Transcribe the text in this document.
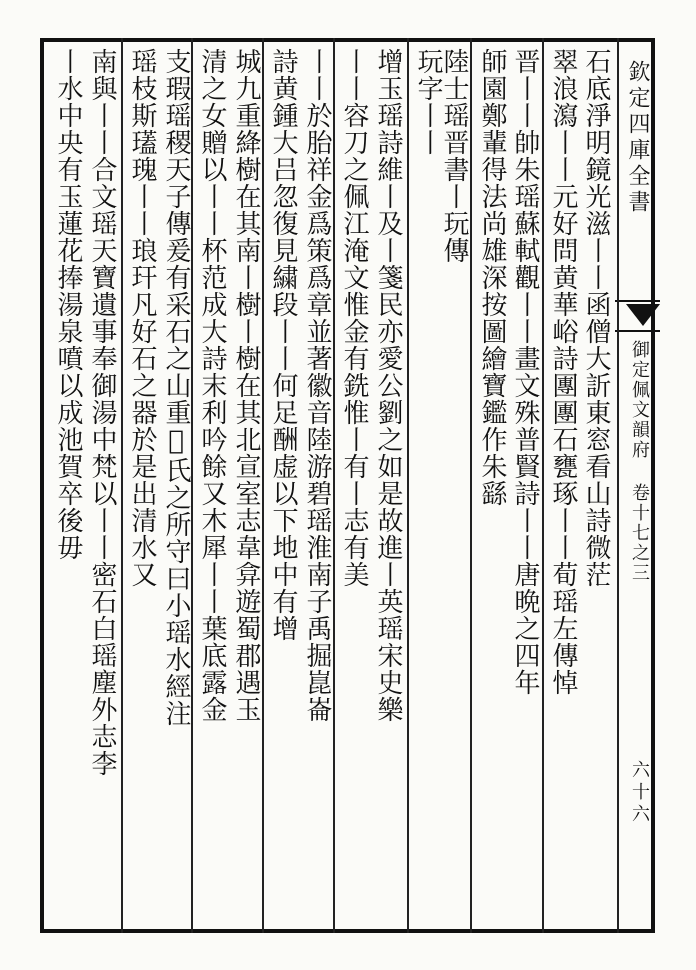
欽定四庫全書
御定佩文韻府 卷十七之三
六十六
石底淨明鏡光滋丨丨函僧大訢東窓看山詩微茫
翠浪瀉丨丨元好問黄華峪詩團團石甕琢丨丨荀瑶左傳悼
晋丨丨帥朱瑶蘇軾觀丨丨畫文殊普賢詩丨丨唐晩之四年
師園鄭輩得法尚雄深按圖繪寶鑑作朱繇
陸士瑶晋書丨玩傳
玩字丨丨
增玉瑶詩維丨及丨箋民亦愛公劉之如是故進丨英瑶宋史樂
丨丨容刀之佩江淹文惟金有銑惟丨有丨志有美
丨丨於胎祥金爲策爲章並著徽音陸游碧瑶淮南子禹掘崑崙
詩黄鍾大吕忽復見繍段丨丨何足酬虚以下地中有增
城九重絳樹在其南丨樹丨樹在其北宣室志韋弇遊蜀郡遇玉
清之女贈以丨丨杯范成大詩末利吟餘又木犀丨丨葉底露金
支瑕瑶稷天子傳爰有采石之山重𨛜氏之所守曰小瑶水經注
瑶枝斯瓂瑰丨丨琅玕凡好石之器於是出清水又
南與丨丨合文瑶天寶遺事奉御湯中梵以丨丨密石白瑶塵外志李
丨水中央有玉蓮花捧湯泉噴以成池賀卒後毋
